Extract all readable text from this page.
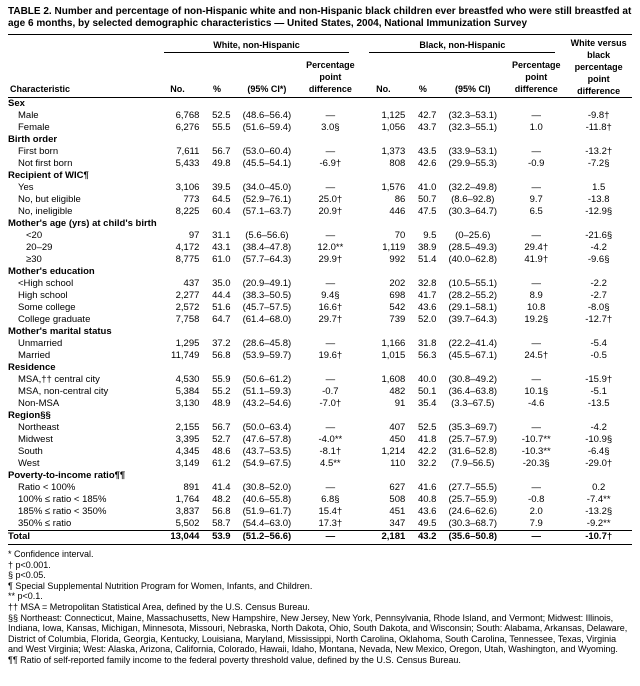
TABLE 2. Number and percentage of non-Hispanic white and non-Hispanic black children ever breastfed who were still breastfed at age 6 months, by selected demographic characteristics — United States, 2004, National Immunization Survey

	White, non-Hispanic				Black, non-Hispanic				White versus black percentage point difference
Characteristic	No.	%	(95% CI*)	Percentage point difference	No.	%	(95% CI)	Percentage point difference	
Sex									
Male	6,768	52.5	(48.6–56.4)	—	1,125	42.7	(32.3–53.1)	—	-9.8†
Female	6,276	55.5	(51.6–59.4)	3.0§	1,056	43.7	(32.3–55.1)	1.0	-11.8†
Birth order									
First born	7,611	56.7	(53.0–60.4)	—	1,373	43.5	(33.9–53.1)	—	-13.2†
Not first born	5,433	49.8	(45.5–54.1)	-6.9†	808	42.6	(29.9–55.3)	-0.9	-7.2§
Recipient of WIC¶									
Yes	3,106	39.5	(34.0–45.0)	—	1,576	41.0	(32.2–49.8)	—	1.5
No, but eligible	773	64.5	(52.9–76.1)	25.0†	86	50.7	(8.6–92.8)	9.7	-13.8
No, ineligible	8,225	60.4	(57.1–63.7)	20.9†	446	47.5	(30.3–64.7)	6.5	-12.9§
Mother's age (yrs) at child's birth									
<20	97	31.1	(5.6–56.6)	—	70	9.5	(0–25.6)	—	-21.6§
20–29	4,172	43.1	(38.4–47.8)	12.0**	1,119	38.9	(28.5–49.3)	29.4†	-4.2
≥30	8,775	61.0	(57.7–64.3)	29.9†	992	51.4	(40.0–62.8)	41.9†	-9.6§
Mother's education									
<High school	437	35.0	(20.9–49.1)	—	202	32.8	(10.5–55.1)	—	-2.2
High school	2,277	44.4	(38.3–50.5)	9.4§	698	41.7	(28.2–55.2)	8.9	-2.7
Some college	2,572	51.6	(45.7–57.5)	16.6†	542	43.6	(29.1–58.1)	10.8	-8.0§
College graduate	7,758	64.7	(61.4–68.0)	29.7†	739	52.0	(39.7–64.3)	19.2§	-12.7†
Mother's marital status									
Unmarried	1,295	37.2	(28.6–45.8)	—	1,166	31.8	(22.2–41.4)	—	-5.4
Married	11,749	56.8	(53.9–59.7)	19.6†	1,015	56.3	(45.5–67.1)	24.5†	-0.5
Residence									
MSA,†† central city	4,530	55.9	(50.6–61.2)	—	1,608	40.0	(30.8–49.2)	—	-15.9†
MSA, non-central city	5,384	55.2	(51.1–59.3)	-0.7	482	50.1	(36.4–63.8)	10.1§	-5.1
Non-MSA	3,130	48.9	(43.2–54.6)	-7.0†	91	35.4	(3.3–67.5)	-4.6	-13.5
Region§§									
Northeast	2,155	56.7	(50.0–63.4)	—	407	52.5	(35.3–69.7)	—	-4.2
Midwest	3,395	52.7	(47.6–57.8)	-4.0**	450	41.8	(25.7–57.9)	-10.7**	-10.9§
South	4,345	48.6	(43.7–53.5)	-8.1†	1,214	42.2	(31.6–52.8)	-10.3**	-6.4§
West	3,149	61.2	(54.9–67.5)	4.5**	110	32.2	(7.9–56.5)	-20.3§	-29.0†
Poverty-to-income ratio¶¶									
Ratio < 100%	891	41.4	(30.8–52.0)	—	627	41.6	(27.7–55.5)	—	0.2
100% ≤ ratio < 185%	1,764	48.2	(40.6–55.8)	6.8§	508	40.8	(25.7–55.9)	-0.8	-7.4**
185% ≤ ratio < 350%	3,837	56.8	(51.9–61.7)	15.4†	451	43.6	(24.6–62.6)	2.0	-13.2§
350% ≤ ratio	5,502	58.7	(54.4–63.0)	17.3†	347	49.5	(30.3–68.7)	7.9	-9.2**
Total	13,044	53.9	(51.2–56.6)	—	2,181	43.2	(35.6–50.8)	—	-10.7†

* Confidence interval.

† p<0.001.

§ p<0.05.

¶ Special Supplemental Nutrition Program for Women, Infants, and Children.

** p<0.1.

†† MSA = Metropolitan Statistical Area, defined by the U.S. Census Bureau.

§§ Northeast: Connecticut, Maine, Massachusetts, New Hampshire, New Jersey, New York, Pennsylvania, Rhode Island, and Vermont; Midwest: Illinois, Indiana, Iowa, Kansas, Michigan, Minnesota, Missouri, Nebraska, North Dakota, Ohio, South Dakota, and Wisconsin; South: Alabama, Arkansas, Delaware, District of Columbia, Florida, Georgia, Kentucky, Louisiana, Maryland, Mississippi, North Carolina, Oklahoma, South Carolina, Tennessee, Texas, Virginia and West Virginia; West: Alaska, Arizona, California, Colorado, Hawaii, Idaho, Montana, Nevada, New Mexico, Oregon, Utah, Washington, and Wyoming.

¶¶ Ratio of self-reported family income to the federal poverty threshold value, defined by the U.S. Census Bureau.
